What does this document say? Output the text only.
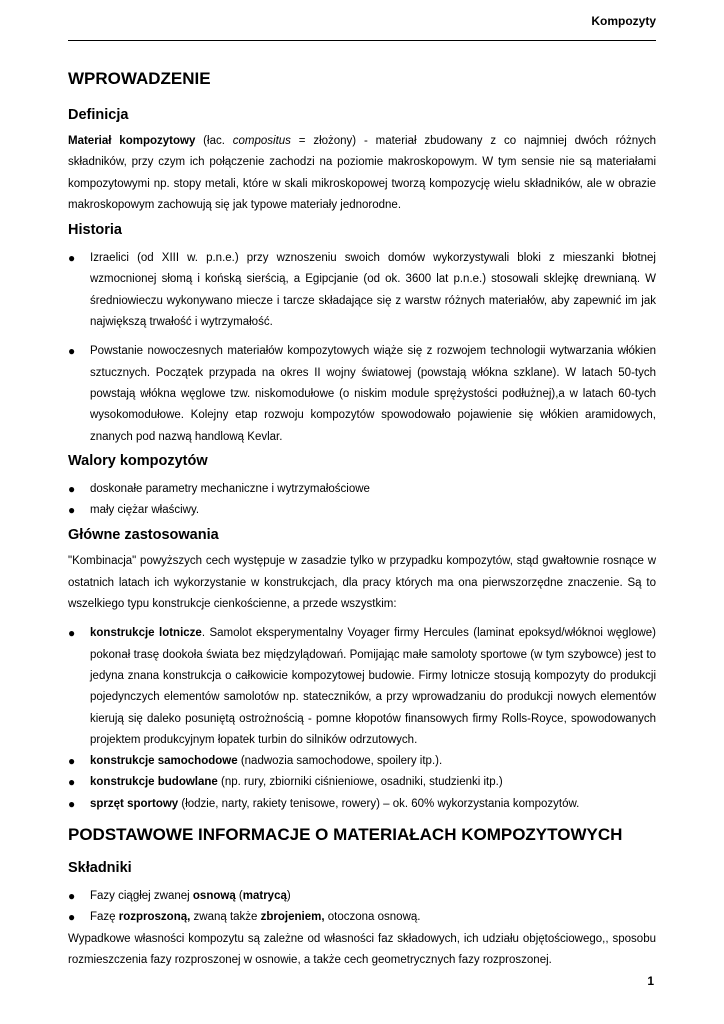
Kompozyty
WPROWADZENIE
Definicja

Materiał kompozytowy (łac. compositus = złożony) - materiał zbudowany z co najmniej dwóch różnych składników, przy czym ich połączenie zachodzi na poziomie makroskopowym. W tym sensie nie są materiałami kompozytowymi np. stopy metali, które w skali mikroskopowej tworzą kompozycję wielu składników, ale w obrazie makroskopowym zachowują się jak typowe materiały jednorodne.

Historia
● Izraelici (od XIII w. p.n.e.) przy wznoszeniu swoich domów wykorzystywali bloki z mieszanki błotnej wzmocnionej słomą i końską sierścią, a Egipcjanie (od ok. 3600 lat p.n.e.) stosowali sklejkę drewnianą. W średniowieczu wykonywano miecze i tarcze składające się z warstw różnych materiałów, aby zapewnić im jak największą trwałość i wytrzymałość.
● Powstanie nowoczesnych materiałów kompozytowych wiąże się z rozwojem technologii wytwarzania włókien sztucznych. Początek przypada na okres II wojny światowej (powstają włókna szklane). W latach 50-tych powstają włókna węglowe tzw. niskomodułowe (o niskim module sprężystości podłużnej),a w latach 60-tych wysokomodułowe. Kolejny etap rozwoju kompozytów spowodowało pojawienie się włókien aramidowych, znanych pod nazwą handlową Kevlar.
Walory kompozytów
● doskonałe parametry mechaniczne i wytrzymałościowe
● mały ciężar właściwy.
Główne zastosowania

"Kombinacja" powyższych cech występuje w zasadzie tylko w przypadku kompozytów, stąd gwałtownie rosnące w ostatnich latach ich wykorzystanie w konstrukcjach, dla pracy których ma ona pierwszorzędne znaczenie. Są to wszelkiego typu konstrukcje cienkościenne, a przede wszystkim:

● konstrukcje lotnicze. Samolot eksperymentalny Voyager firmy Hercules (laminat epoksyd/włóknoi węglowe) pokonał trasę dookoła świata bez międzylądowań. Pomijając małe samoloty sportowe (w tym szybowce) jest to jedyna znana konstrukcja o całkowicie kompozytowej budowie. Firmy lotnicze stosują kompozyty do produkcji pojedynczych elementów samolotów np. stateczników, a przy wprowadzaniu do produkcji nowych elementów kierują się daleko posuniętą ostrożnością - pomne kłopotów finansowych firmy Rolls-Royce, spowodowanych projektem produkcyjnym łopatek turbin do silników odrzutowych.
● konstrukcje samochodowe (nadwozia samochodowe, spoilery itp.).
● konstrukcje budowlane (np. rury, zbiorniki ciśnieniowe, osadniki, studzienki itp.)
● sprzęt sportowy (łodzie, narty, rakiety tenisowe, rowery) – ok. 60% wykorzystania kompozytów.
PODSTAWOWE INFORMACJE O MATERIAŁACH KOMPOZYTOWYCH
Składniki
● Fazy ciągłej zwanej osnową (matrycą)
● Fazę rozproszoną, zwaną także zbrojeniem, otoczona osnową.

Wypadkowe własności kompozytu są zależne od własności faz składowych, ich udziału objętościowego,, sposobu rozmieszczenia fazy rozproszonej w osnowie, a także cech geometrycznych fazy rozproszonej.

1
